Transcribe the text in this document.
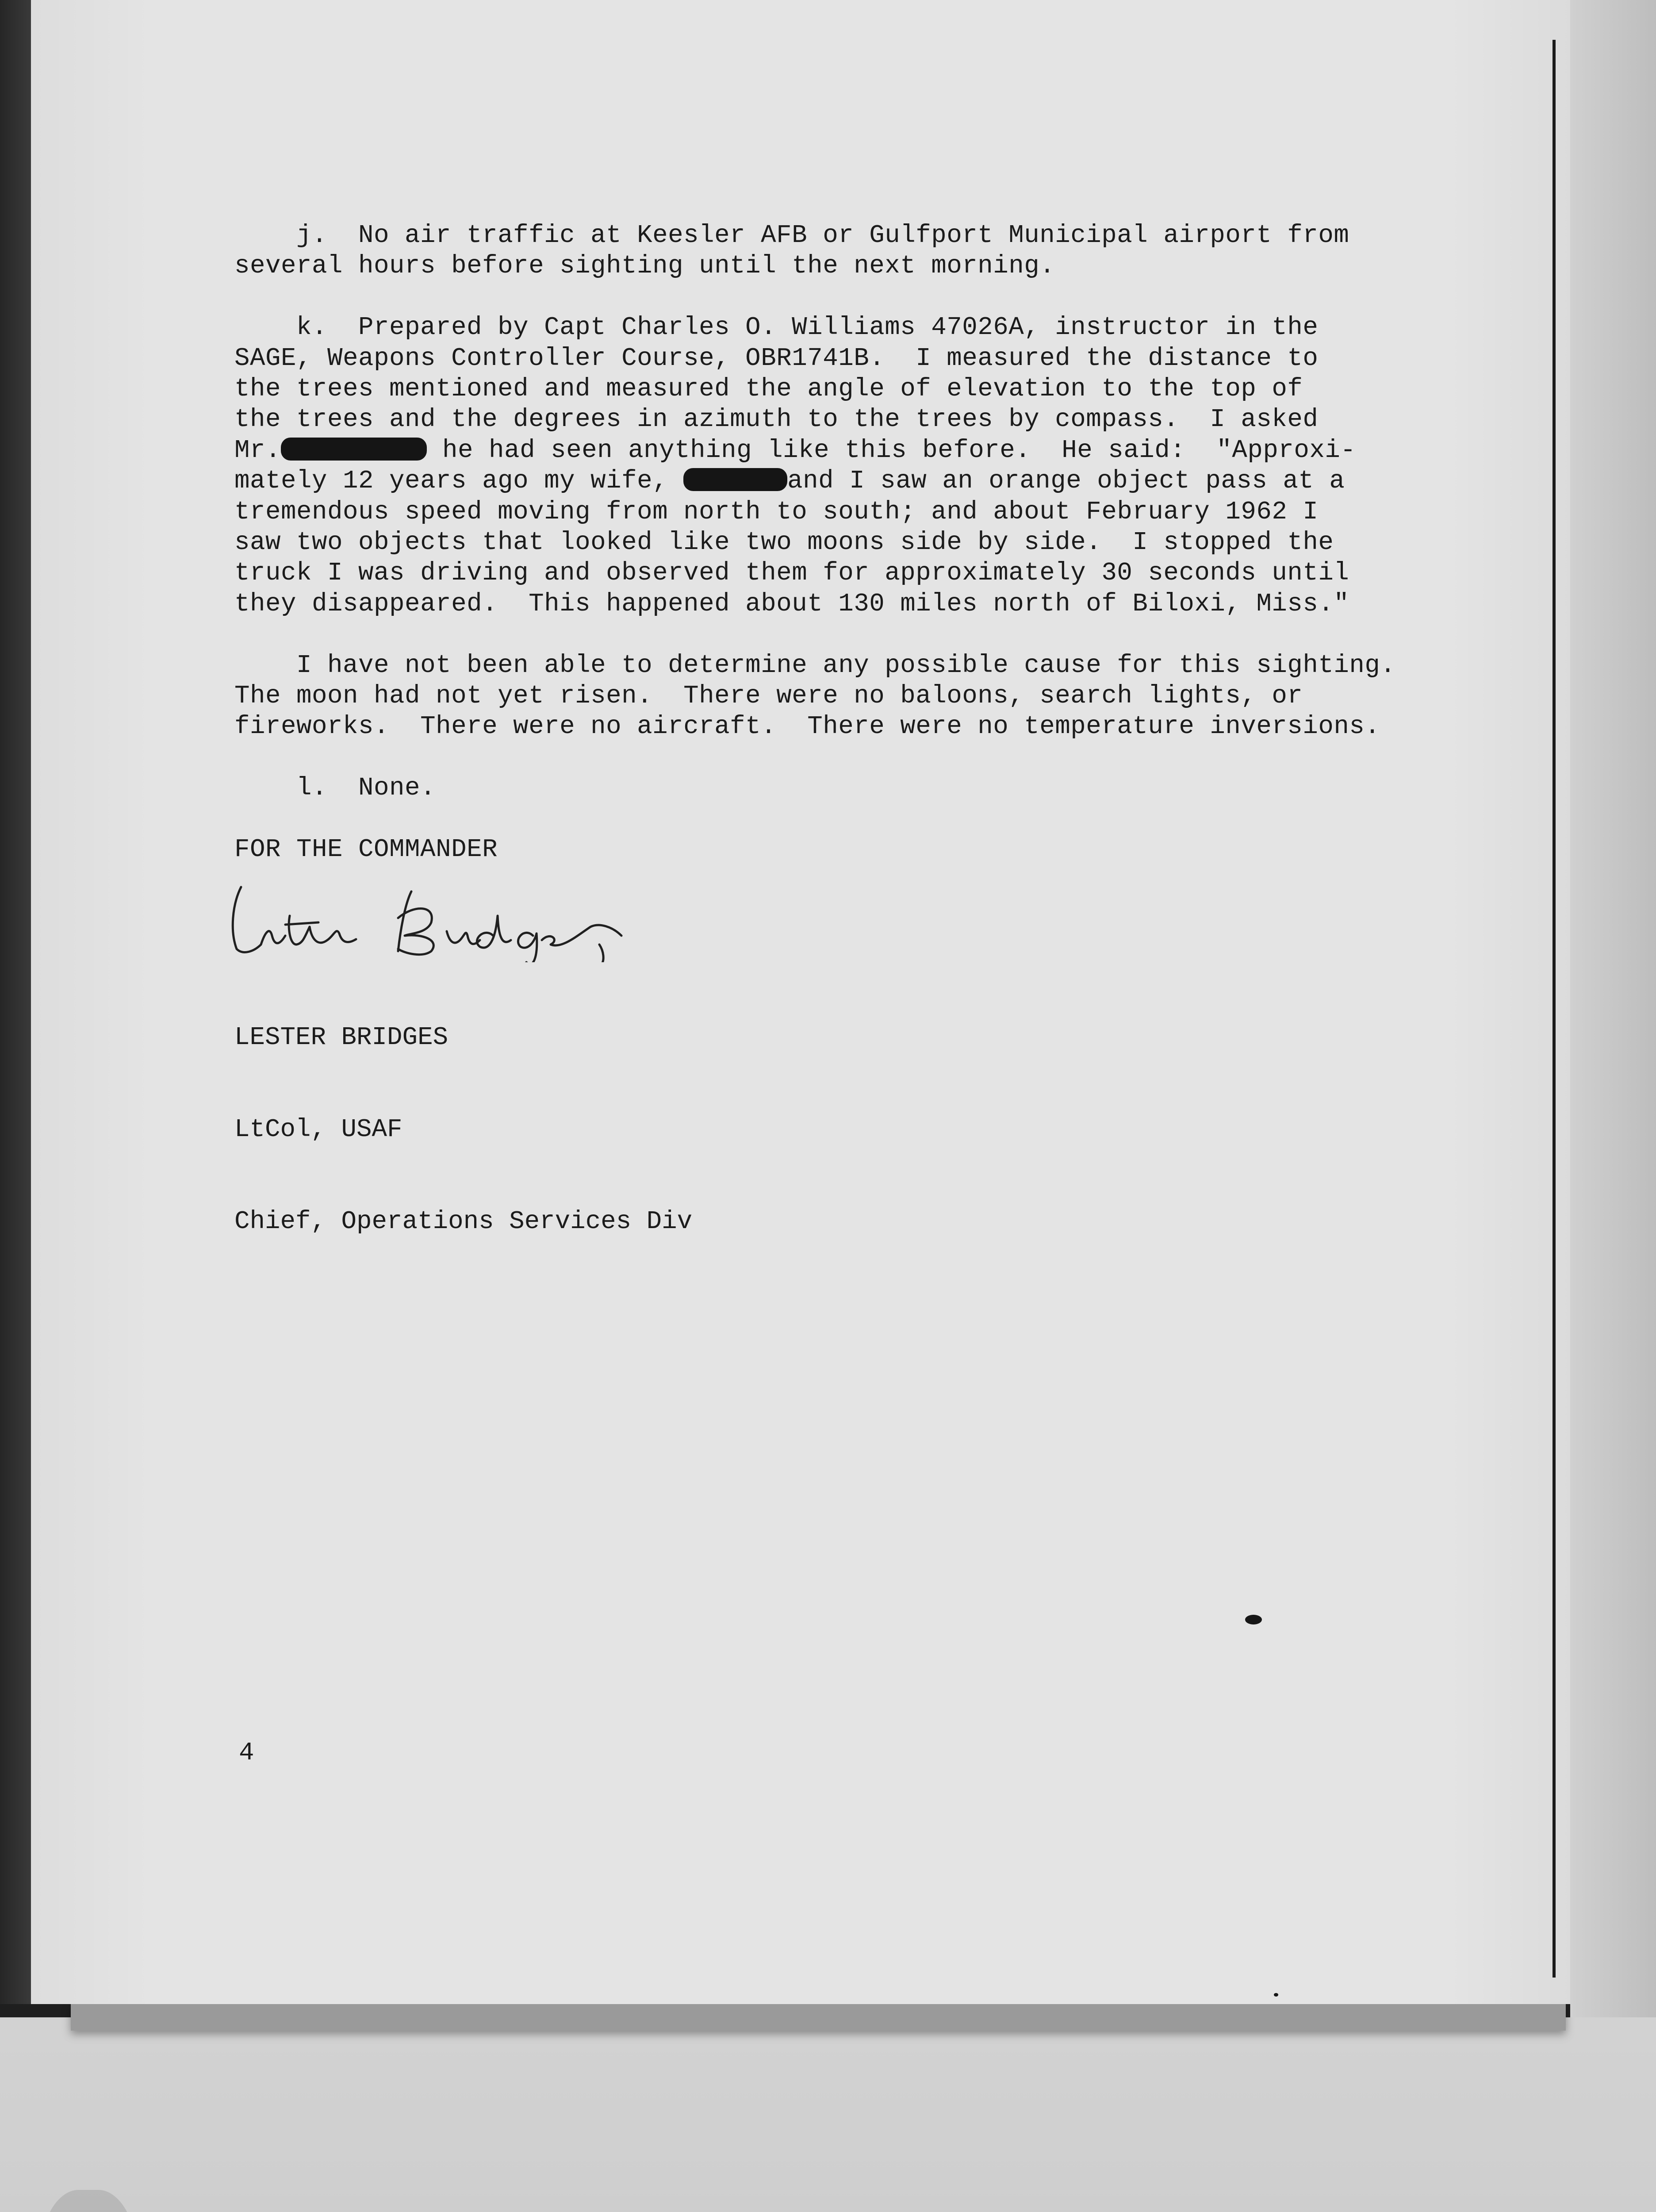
j.  No air traffic at Keesler AFB or Gulfport Municipal airport from

several hours before sighting until the next morning.

k.  Prepared by Capt Charles O. Williams 47026A, instructor in the

SAGE, Weapons Controller Course, OBR1741B.  I measured the distance to

the trees mentioned and measured the angle of elevation to the top of

the trees and the degrees in azimuth to the trees by compass.  I asked

Mr.	he had seen anything like this before.  He said:  "Approxi-

mately 12 years ago my wife,	and I saw an orange object pass at a

tremendous speed moving from north to south; and about February 1962 I

saw two objects that looked like two moons side by side.  I stopped the

truck I was driving and observed them for approximately 30 seconds until

they disappeared.  This happened about 130 miles north of Biloxi, Miss."

I have not been able to determine any possible cause for this sighting.

The moon had not yet risen.  There were no baloons, search lights, or

fireworks.  There were no aircraft.  There were no temperature inversions.

l.  None.

FOR THE COMMANDER

LESTER BRIDGES

LtCol, USAF

Chief, Operations Services Div

4
